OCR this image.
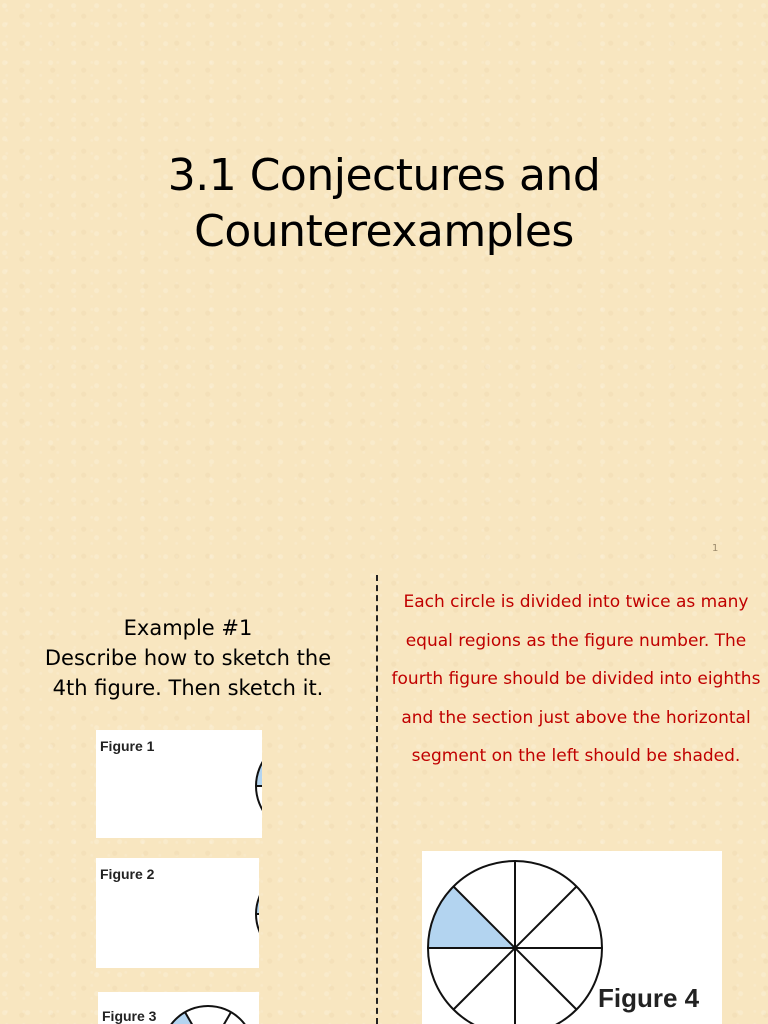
3.1 Conjectures and
Counterexamples
1
Example #1
Describe how to sketch the
4th figure. Then sketch it.
Each circle is divided into twice as many equal regions as the figure number. The fourth figure should be divided into eighths and the section just above the horizontal segment on the left should be shaded.
Figure 1
Figure 2
Figure 3
Figure 4
